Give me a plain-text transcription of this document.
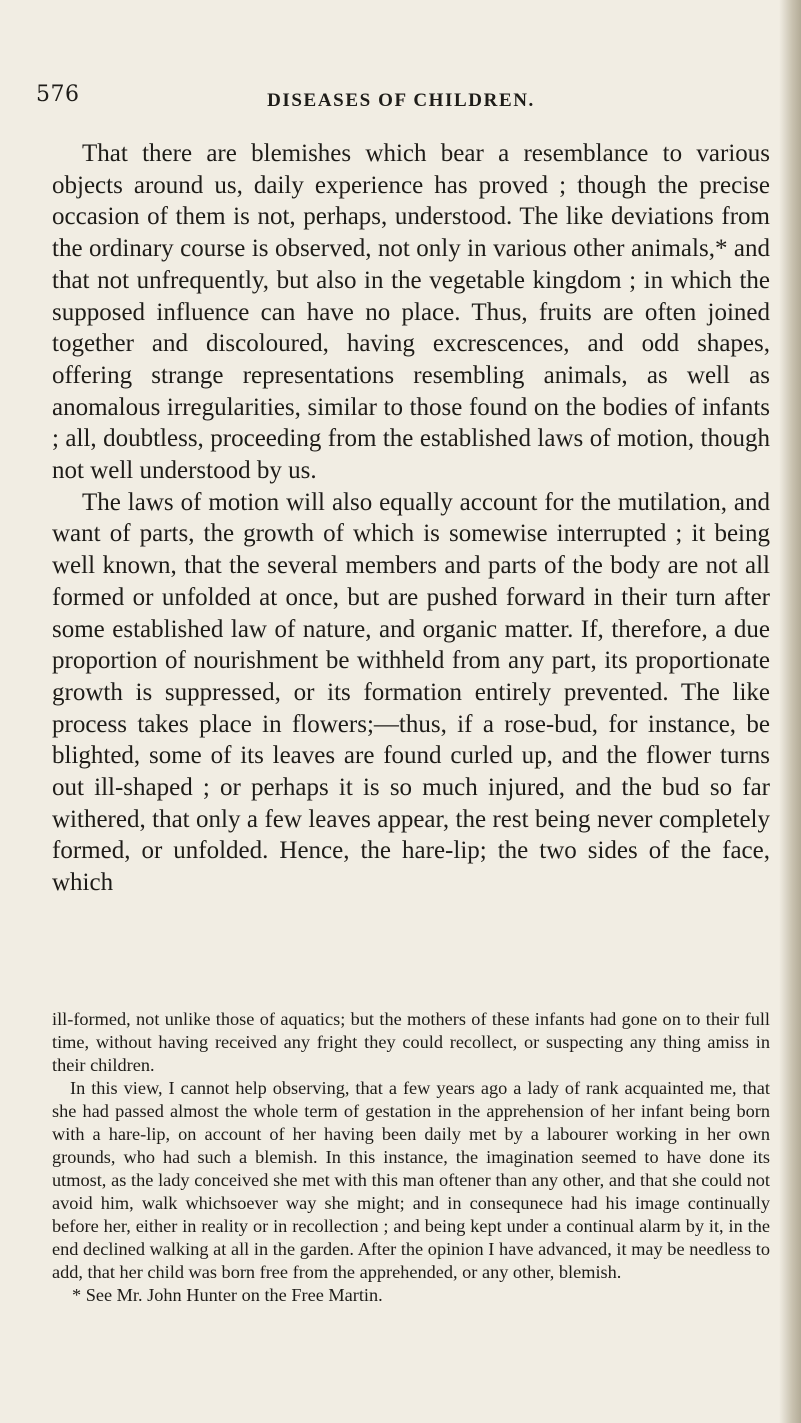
576	DISEASES OF CHILDREN.

That there are blemishes which bear a resemblance to various objects around us, daily experience has proved ; though the precise occasion of them is not, perhaps, understood. The like deviations from the ordinary course is observed, not only in various other animals,* and that not unfrequently, but also in the vegetable kingdom ; in which the supposed influence can have no place. Thus, fruits are often joined together and discoloured, having excrescences, and odd shapes, offering strange representations resembling animals, as well as anomalous irregularities, similar to those found on the bodies of infants ; all, doubtless, proceeding from the established laws of motion, though not well understood by us.

The laws of motion will also equally account for the mutilation, and want of parts, the growth of which is somewise interrupted ; it being well known, that the several members and parts of the body are not all formed or unfolded at once, but are pushed forward in their turn after some established law of nature, and organic matter. If, therefore, a due proportion of nourishment be withheld from any part, its proportionate growth is suppressed, or its formation entirely prevented. The like process takes place in flowers;—thus, if a rose-bud, for instance, be blighted, some of its leaves are found curled up, and the flower turns out ill-shaped ; or perhaps it is so much injured, and the bud so far withered, that only a few leaves appear, the rest being never completely formed, or unfolded. Hence, the hare-lip; the two sides of the face, which

ill-formed, not unlike those of aquatics; but the mothers of these infants had gone on to their full time, without having received any fright they could recollect, or suspecting any thing amiss in their children.

In this view, I cannot help observing, that a few years ago a lady of rank acquainted me, that she had passed almost the whole term of gestation in the apprehension of her infant being born with a hare-lip, on account of her having been daily met by a labourer working in her own grounds, who had such a blemish. In this instance, the imagination seemed to have done its utmost, as the lady conceived she met with this man oftener than any other, and that she could not avoid him, walk whichsoever way she might; and in consequnece had his image continually before her, either in reality or in recollection ; and being kept under a continual alarm by it, in the end declined walking at all in the garden. After the opinion I have advanced, it may be needless to add, that her child was born free from the apprehended, or any other, blemish.

* See Mr. John Hunter on the Free Martin.
